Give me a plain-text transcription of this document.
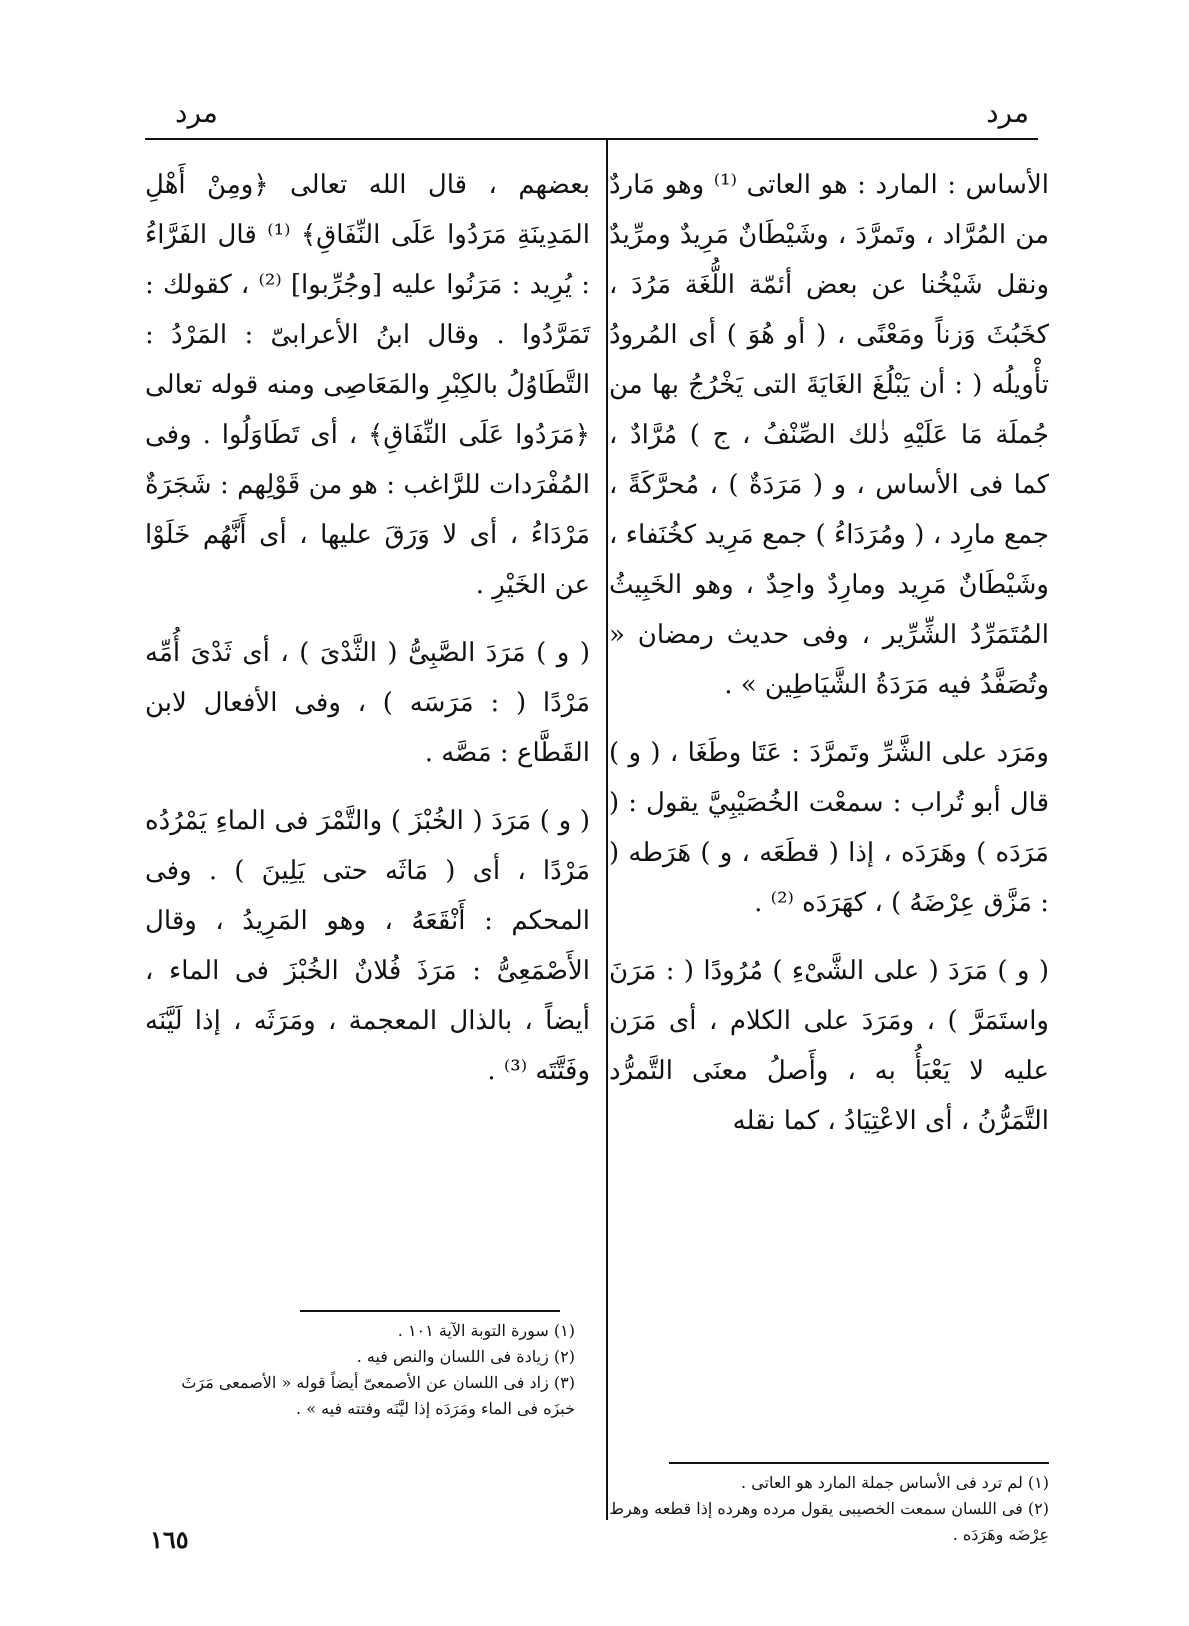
مرد
مرد

الأساس : المارد : هو العاتى ⁽¹⁾ وهو مَاردٌ من المُرَّاد ، وتَمرَّدَ ، وشَيْطَانٌ مَرِيدٌ ومرِّيدٌ ونقل شَيْخُنا عن بعض أئمّة اللُّغَة مَرُدَ ، كخَبُثَ وَزناً ومَعْنًى ، ( أو هُوَ ) أى المُرودُ تأْويلُه ( : أن يَبْلُغَ الغَايَةَ التى يَخْرُجُ بها من جُملَة مَا عَلَيْهِ ذٰلك الصِّنْفُ ، ج ) مُرَّادٌ ، كما فى الأساس ، و ( مَرَدَةٌ ) ، مُحرَّكَةً ، جمع مارِد ، ( ومُرَدَاءُ ) جمع مَرِيد كخُنَفاء ، وشَيْطَانٌ مَرِيد ومارِدٌ واحِدٌ ، وهو الخَبِيثُ المُتَمَرِّدُ الشِّرِّير ، وفى حديث رمضان « وتُصَفَّدُ فيه مَرَدَةُ الشَّيَاطِين » .

ومَرَد على الشَّرِّ وتَمرَّدَ : عَتَا وطَغَا ، ( و ) قال أبو تُراب : سمعْت الخُصَيْبِيَّ يقول : ( مَرَدَه ) وهَرَدَه ، إذا ( قطَعَه ، و ) هَرَطه ( : مَزَّق عِرْضَهُ ) ، كهَرَدَه ⁽²⁾ .

( و ) مَرَدَ ( على الشَّىْءِ ) مُرُودًا ( : مَرَنَ واستَمَرَّ ) ، ومَرَدَ على الكلام ، أى مَرَن عليه لا يَعْبَأُ به ، وأَصلُ معنَى التَّمرُّد التَّمَرُّنُ ، أى الاعْتِيَادُ ، كما نقله

بعضهم ، قال الله تعالى ﴿ومِنْ أَهْلِ المَدِينَةِ مَرَدُوا عَلَى النِّفَاقِ﴾ ⁽¹⁾ قال الفَرَّاءُ : يُرِيد : مَرَنُوا عليه [وجُرِّبوا] ⁽²⁾ ، كقولك : تَمَرَّدُوا . وقال ابنُ الأعرابىّ : المَرْدُ : التَّطَاوُلُ بالكِبْرِ والمَعَاصِى ومنه قوله تعالى ﴿مَرَدُوا عَلَى النِّفَاقِ﴾ ، أى تَطَاوَلُوا . وفى المُفْرَدات للرَّاغب : هو من قَوْلِهم : شَجَرَةٌ مَرْدَاءُ ، أى لا وَرَقَ عليها ، أى أَنَّهُم خَلَوْا عن الخَيْرِ .

( و ) مَرَدَ الصَّبِىُّ ( الثَّدْىَ ) ، أى ثَدْىَ أُمِّه مَرْدًا ( : مَرَسَه ) ، وفى الأفعال لابن القَطَّاع : مَصَّه .

( و ) مَرَدَ ( الخُبْزَ ) والتَّمْرَ فى الماءِ يَمْرُدُه مَرْدًا ، أى ( مَاثَه حتى يَلِينَ ) . وفى المحكم : أَنْقَعَهُ ، وهو المَرِيدُ ، وقال الأَصْمَعِىُّ : مَرَذَ فُلانٌ الخُبْزَ فى الماء ، أيضاً ، بالذال المعجمة ، ومَرَثَه ، إذا لَيَّنَه وفَتَّتَه ⁽³⁾ .

(١) لم ترد فى الأساس جملة المارد هو العاتى .

(٢) فى اللسان سمعت الخصيبى يقول مرده وهرده إذا قطعه وهرط عِرْضَه وهَرَدَه .

(١) سورة التوبة الآية ١٠١ .

(٢) زيادة فى اللسان والنص فيه .

(٣) زاد فى اللسان عن الأصمعىّ أيضاً قوله « الأصمعى مَرَثَ خبزَه فى الماء ومَرَدَه إذا ليَّنَه وفتته فيه » .

١٦٥
